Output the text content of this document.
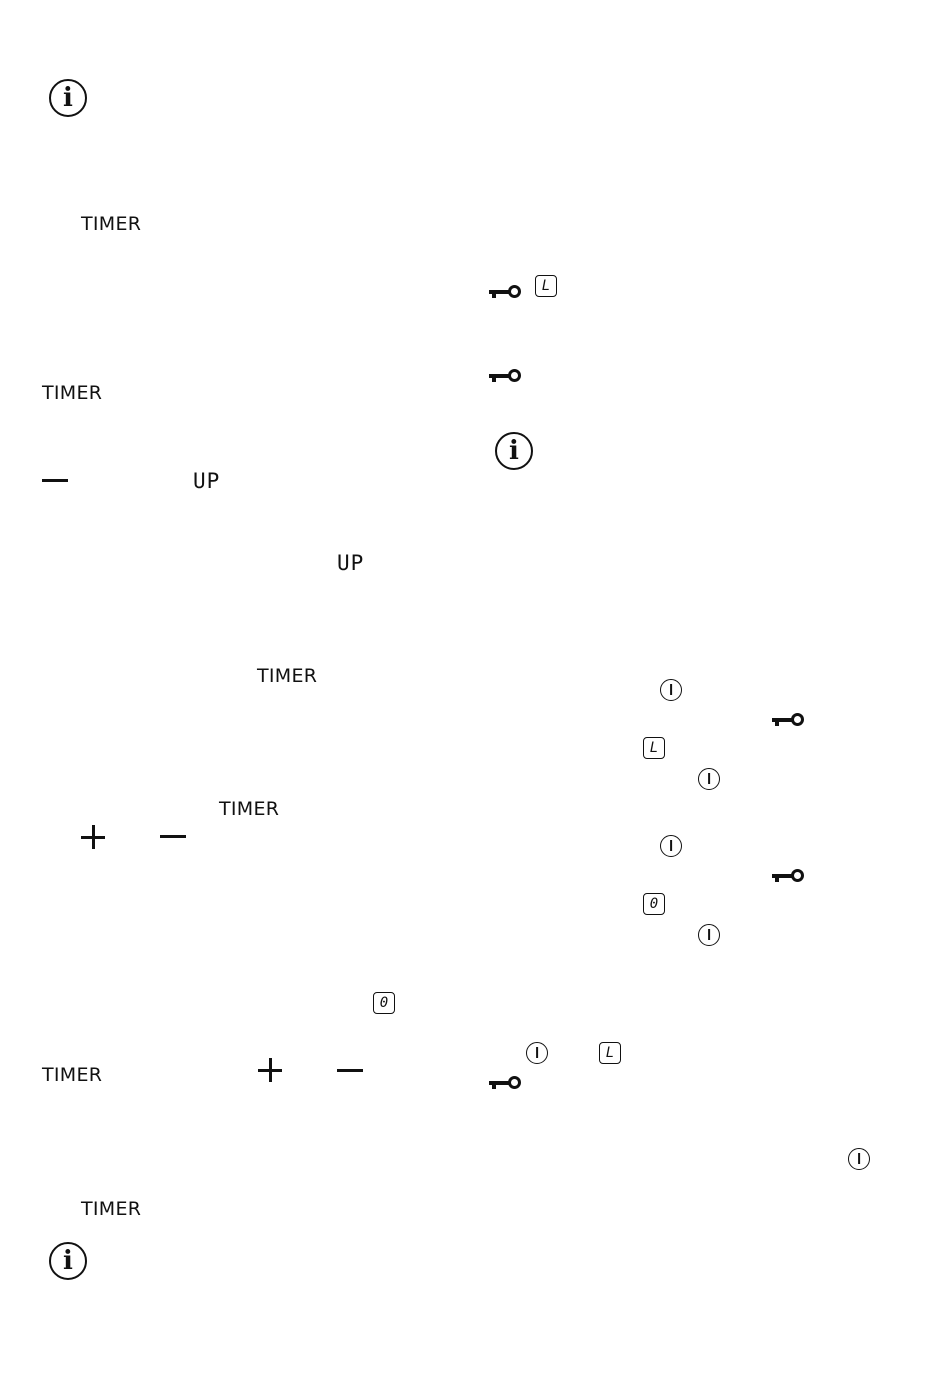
i
TIMER
TIMER
UP
UP
TIMER
TIMER
0
TIMER
TIMER
i
L
i
L
0
L
